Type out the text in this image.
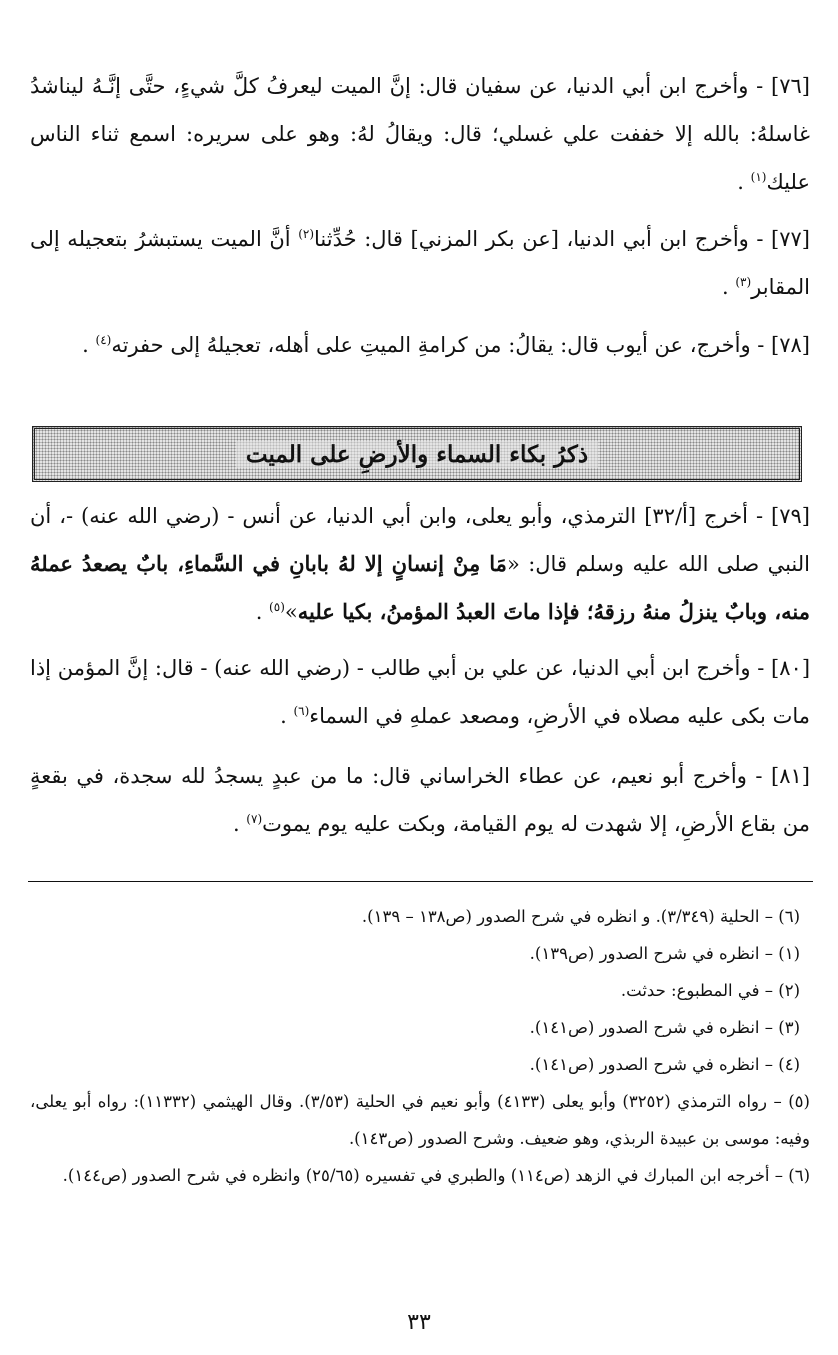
[٧٦] - وأخرج ابن أبي الدنيا، عن سفيان قال: إنَّ الميت ليعرفُ كلَّ شيءٍ، حتَّى إنَّـهُ ليناشدُ غاسلهُ: بالله إلا خففت علي غسلي؛ قال: ويقالُ لهُ: وهو على سريره: اسمع ثناء الناس عليك$^{(١)}$ .

[٧٧] - وأخرج ابن أبي الدنيا، [عن بكر المزني] قال: حُدِّثنا$^{(٢)}$ أنَّ الميت يستبشرُ بتعجيله إلى المقابر$^{(٣)}$ .

[٧٨] - وأخرج، عن أيوب قال: يقالُ: من كرامةِ الميتِ على أهله، تعجيلهُ إلى حفرته$^{(٤)}$ .

ذكرُ بكاء السماء والأرضِ على الميت

[٧٩] - أخرج [أ/٣٢] الترمذي، وأبو يعلى، وابن أبي الدنيا، عن أنس - (رضي الله عنه) -، أن النبي صلى الله عليه وسلم قال: «مَا مِنْ إنسانٍ إلا لهُ بابانِ في السَّماءِ، بابٌ يصعدُ عملهُ منه، وبابٌ ينزلُ منهُ رزقهُ؛ فإذا ماتَ العبدُ المؤمنُ، بكيا عليه»$^{(٥)}$ .

[٨٠] - وأخرج ابن أبي الدنيا، عن علي بن أبي طالب - (رضي الله عنه) - قال: إنَّ المؤمن إذا مات بكى عليه مصلاه في الأرضِ، ومصعد عملهِ في السماء$^{(٦)}$ .

[٨١] - وأخرج أبو نعيم، عن عطاء الخراساني قال: ما من عبدٍ يسجدُ لله سجدة، في بقعةٍ من بقاع الأرضِ، إلا شهدت له يوم القيامة، وبكت عليه يوم يموت$^{(٧)}$ .

(٦) – الحلية (٣/٣٤٩). و انظره في شرح الصدور (ص١٣٨ – ١٣٩).
(١) – انظره في شرح الصدور (ص١٣٩).
(٢) – في المطبوع: حدثت.
(٣) – انظره في شرح الصدور (ص١٤١).
(٤) – انظره في شرح الصدور (ص١٤١).
(٥) – رواه الترمذي (٣٢٥٢) وأبو يعلى (٤١٣٣) وأبو نعيم في الحلية (٣/٥٣). وقال الهيثمي (١١٣٣٢): رواه أبو يعلى، وفيه: موسى بن عبيدة الربذي، وهو ضعيف. وشرح الصدور (ص١٤٣).
(٦) – أخرجه ابن المبارك في الزهد (ص١١٤) والطبري في تفسيره (٢٥/٦٥) وانظره في شرح الصدور (ص١٤٤).
٣٣
